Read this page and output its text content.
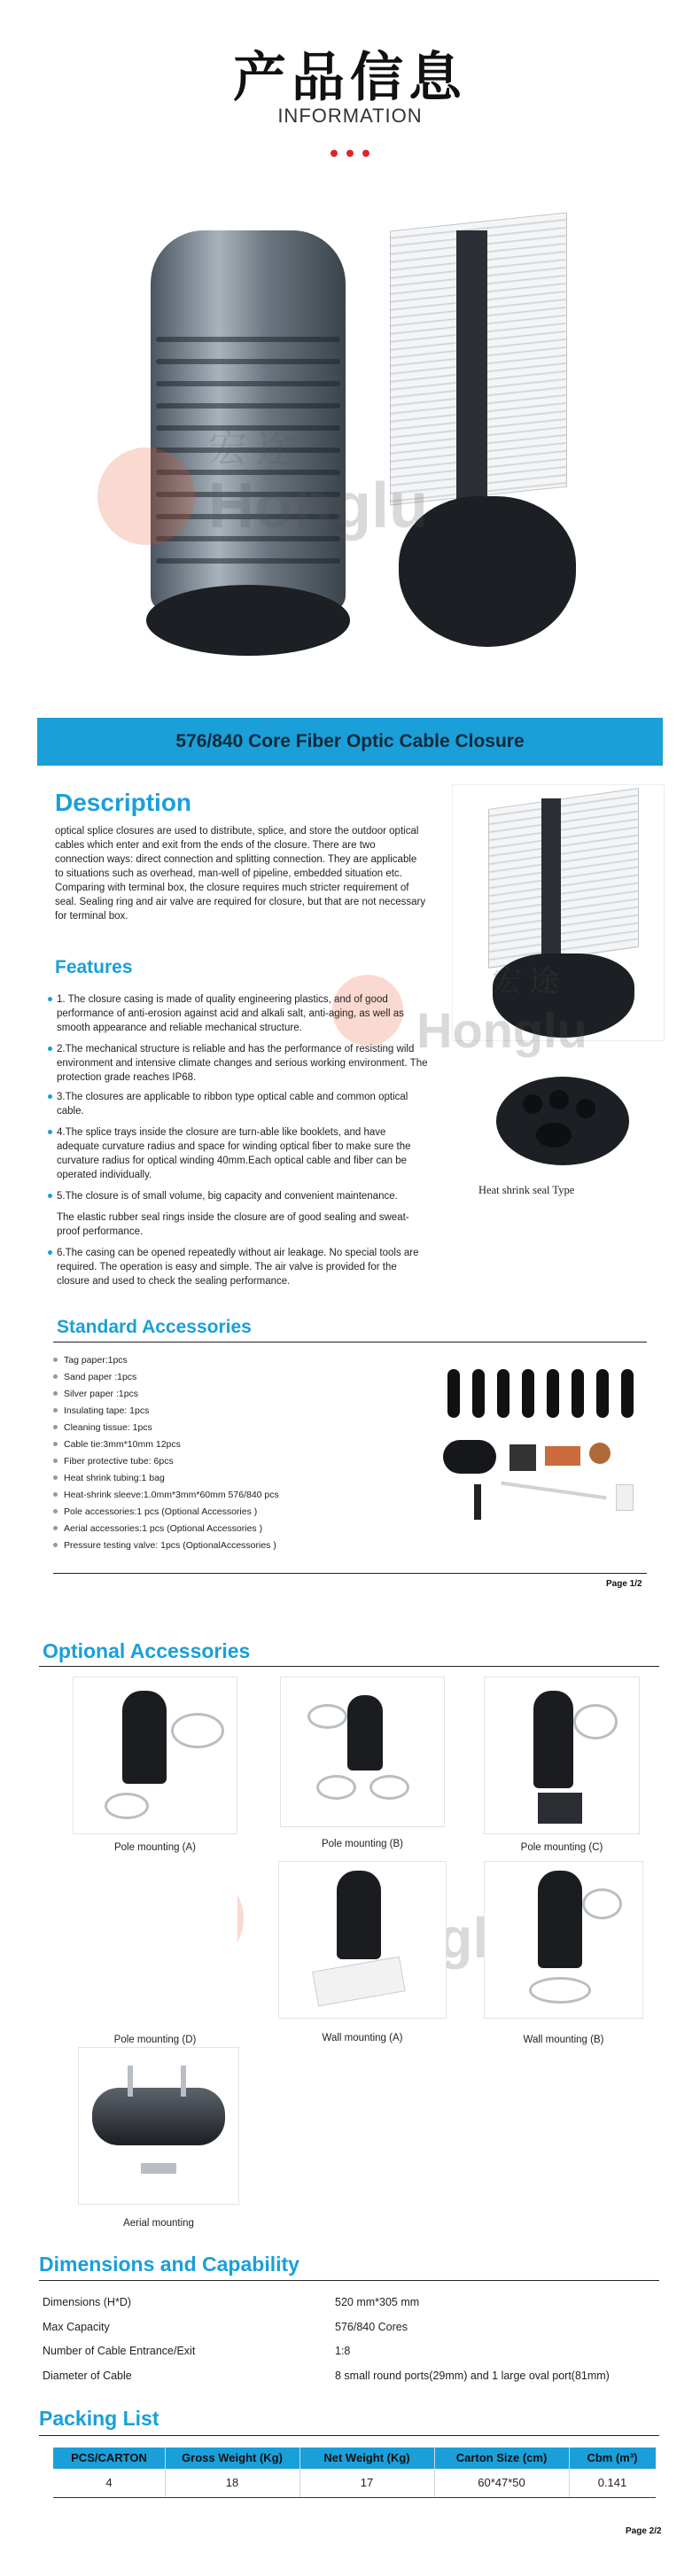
产品信息
INFORMATION
宏途
Honglu
576/840 Core Fiber Optic Cable Closure
Description
optical splice closures are used to distribute, splice, and store the outdoor optical cables which enter and exit from the ends of the closure. There are two connection ways: direct connection and splitting connection. They are applicable to situations such as overhead, man-well of pipeline, embedded situation etc. Comparing with terminal box, the closure requires much stricter requirement of seal. Sealing ring and air valve are required for closure, but that are not necessary for terminal box.
Heat shrink seal Type
宏途
Honglu
Features
1. The closure casing is made of quality engineering plastics, and of good performance of anti-erosion against acid and alkali salt, anti-aging, as well as smooth appearance and reliable mechanical structure.
2.The mechanical structure is reliable and has the performance of resisting wild environment and intensive climate changes and serious working environment. The protection grade reaches IP68.
3.The closures are applicable to ribbon type optical cable and common optical cable.
4.The splice trays inside the closure are turn-able like booklets, and have adequate curvature radius and space for winding optical fiber to make sure the curvature radius for optical winding 40mm.Each optical cable and fiber can be operated individually.
5.The closure is of small volume, big capacity and convenient maintenance.
The elastic rubber seal rings inside the closure are of good sealing and sweat-proof performance.
6.The casing can be opened repeatedly without air leakage. No special tools are required. The operation is easy and simple. The air valve is provided for the closure and used to check the sealing performance.
Standard Accessories
Tag paper:1pcs
Sand paper :1pcs
Silver paper :1pcs
Insulating tape: 1pcs
Cleaning tissue: 1pcs
Cable tie:3mm*10mm 12pcs
Fiber protective tube: 6pcs
Heat shrink tubing:1 bag
Heat-shrink sleeve:1.0mm*3mm*60mm 576/840 pcs
Pole accessories:1 pcs (Optional Accessories )
Aerial accessories:1 pcs (Optional Accessories )
Pressure testing valve: 1pcs (OptionalAccessories )
Page 1/2
Optional Accessories
Pole mounting (A)	Pole mounting (B)	Pole mounting (C)
Pole mounting (D)	Wall mounting (A)	Wall mounting (B)
Aerial mounting
Dimensions and Capability
Dimensions (H*D)	520 mm*305 mm
Max Capacity	576/840 Cores
Number of Cable Entrance/Exit	1:8
Diameter of Cable	8 small round ports(29mm) and 1 large oval port(81mm)
Packing List
PCS/CARTON	Gross Weight (Kg)	Net Weight (Kg)	Carton Size (cm)	Cbm (m³)
4	18	17	60*47*50	0.141
Page 2/2
